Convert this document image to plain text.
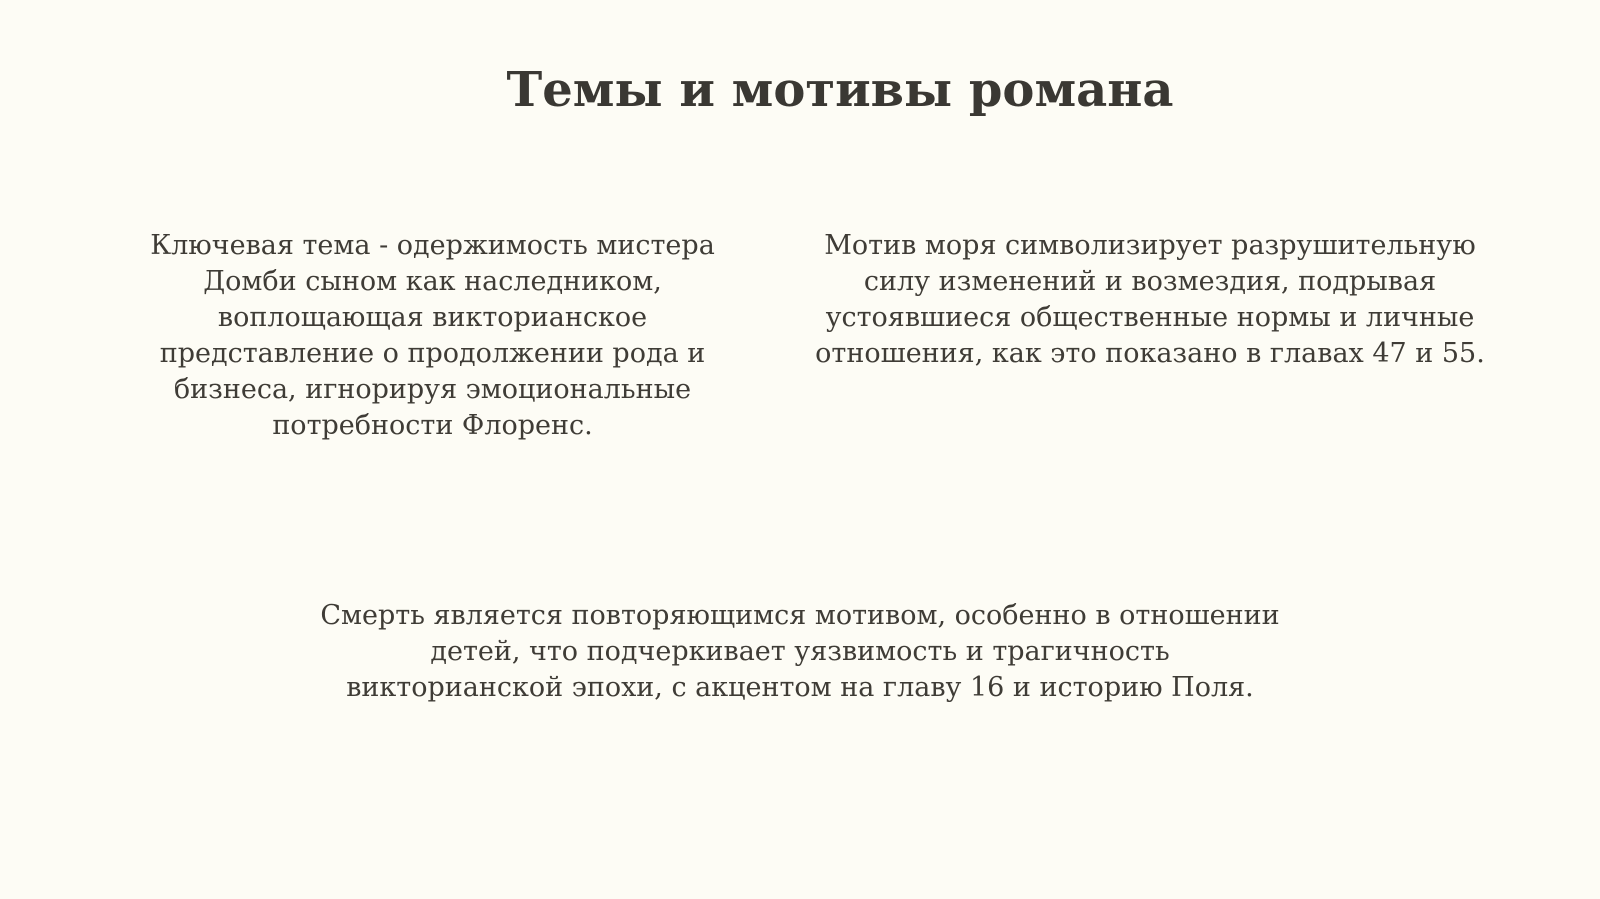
Темы и мотивы романа

Ключевая тема - одержимость мистера Домби сыном как наследником, воплощающая викторианское представление о продолжении рода и бизнеса, игнорируя эмоциональные потребности Флоренс.

Мотив моря символизирует разрушительную силу изменений и возмездия, подрывая устоявшиеся общественные нормы и личные отношения, как это показано в главах 47 и 55.

Смерть является повторяющимся мотивом, особенно в отношении
детей, что подчеркивает уязвимость и трагичность
викторианской эпохи, с акцентом на главу 16 и историю Поля.
